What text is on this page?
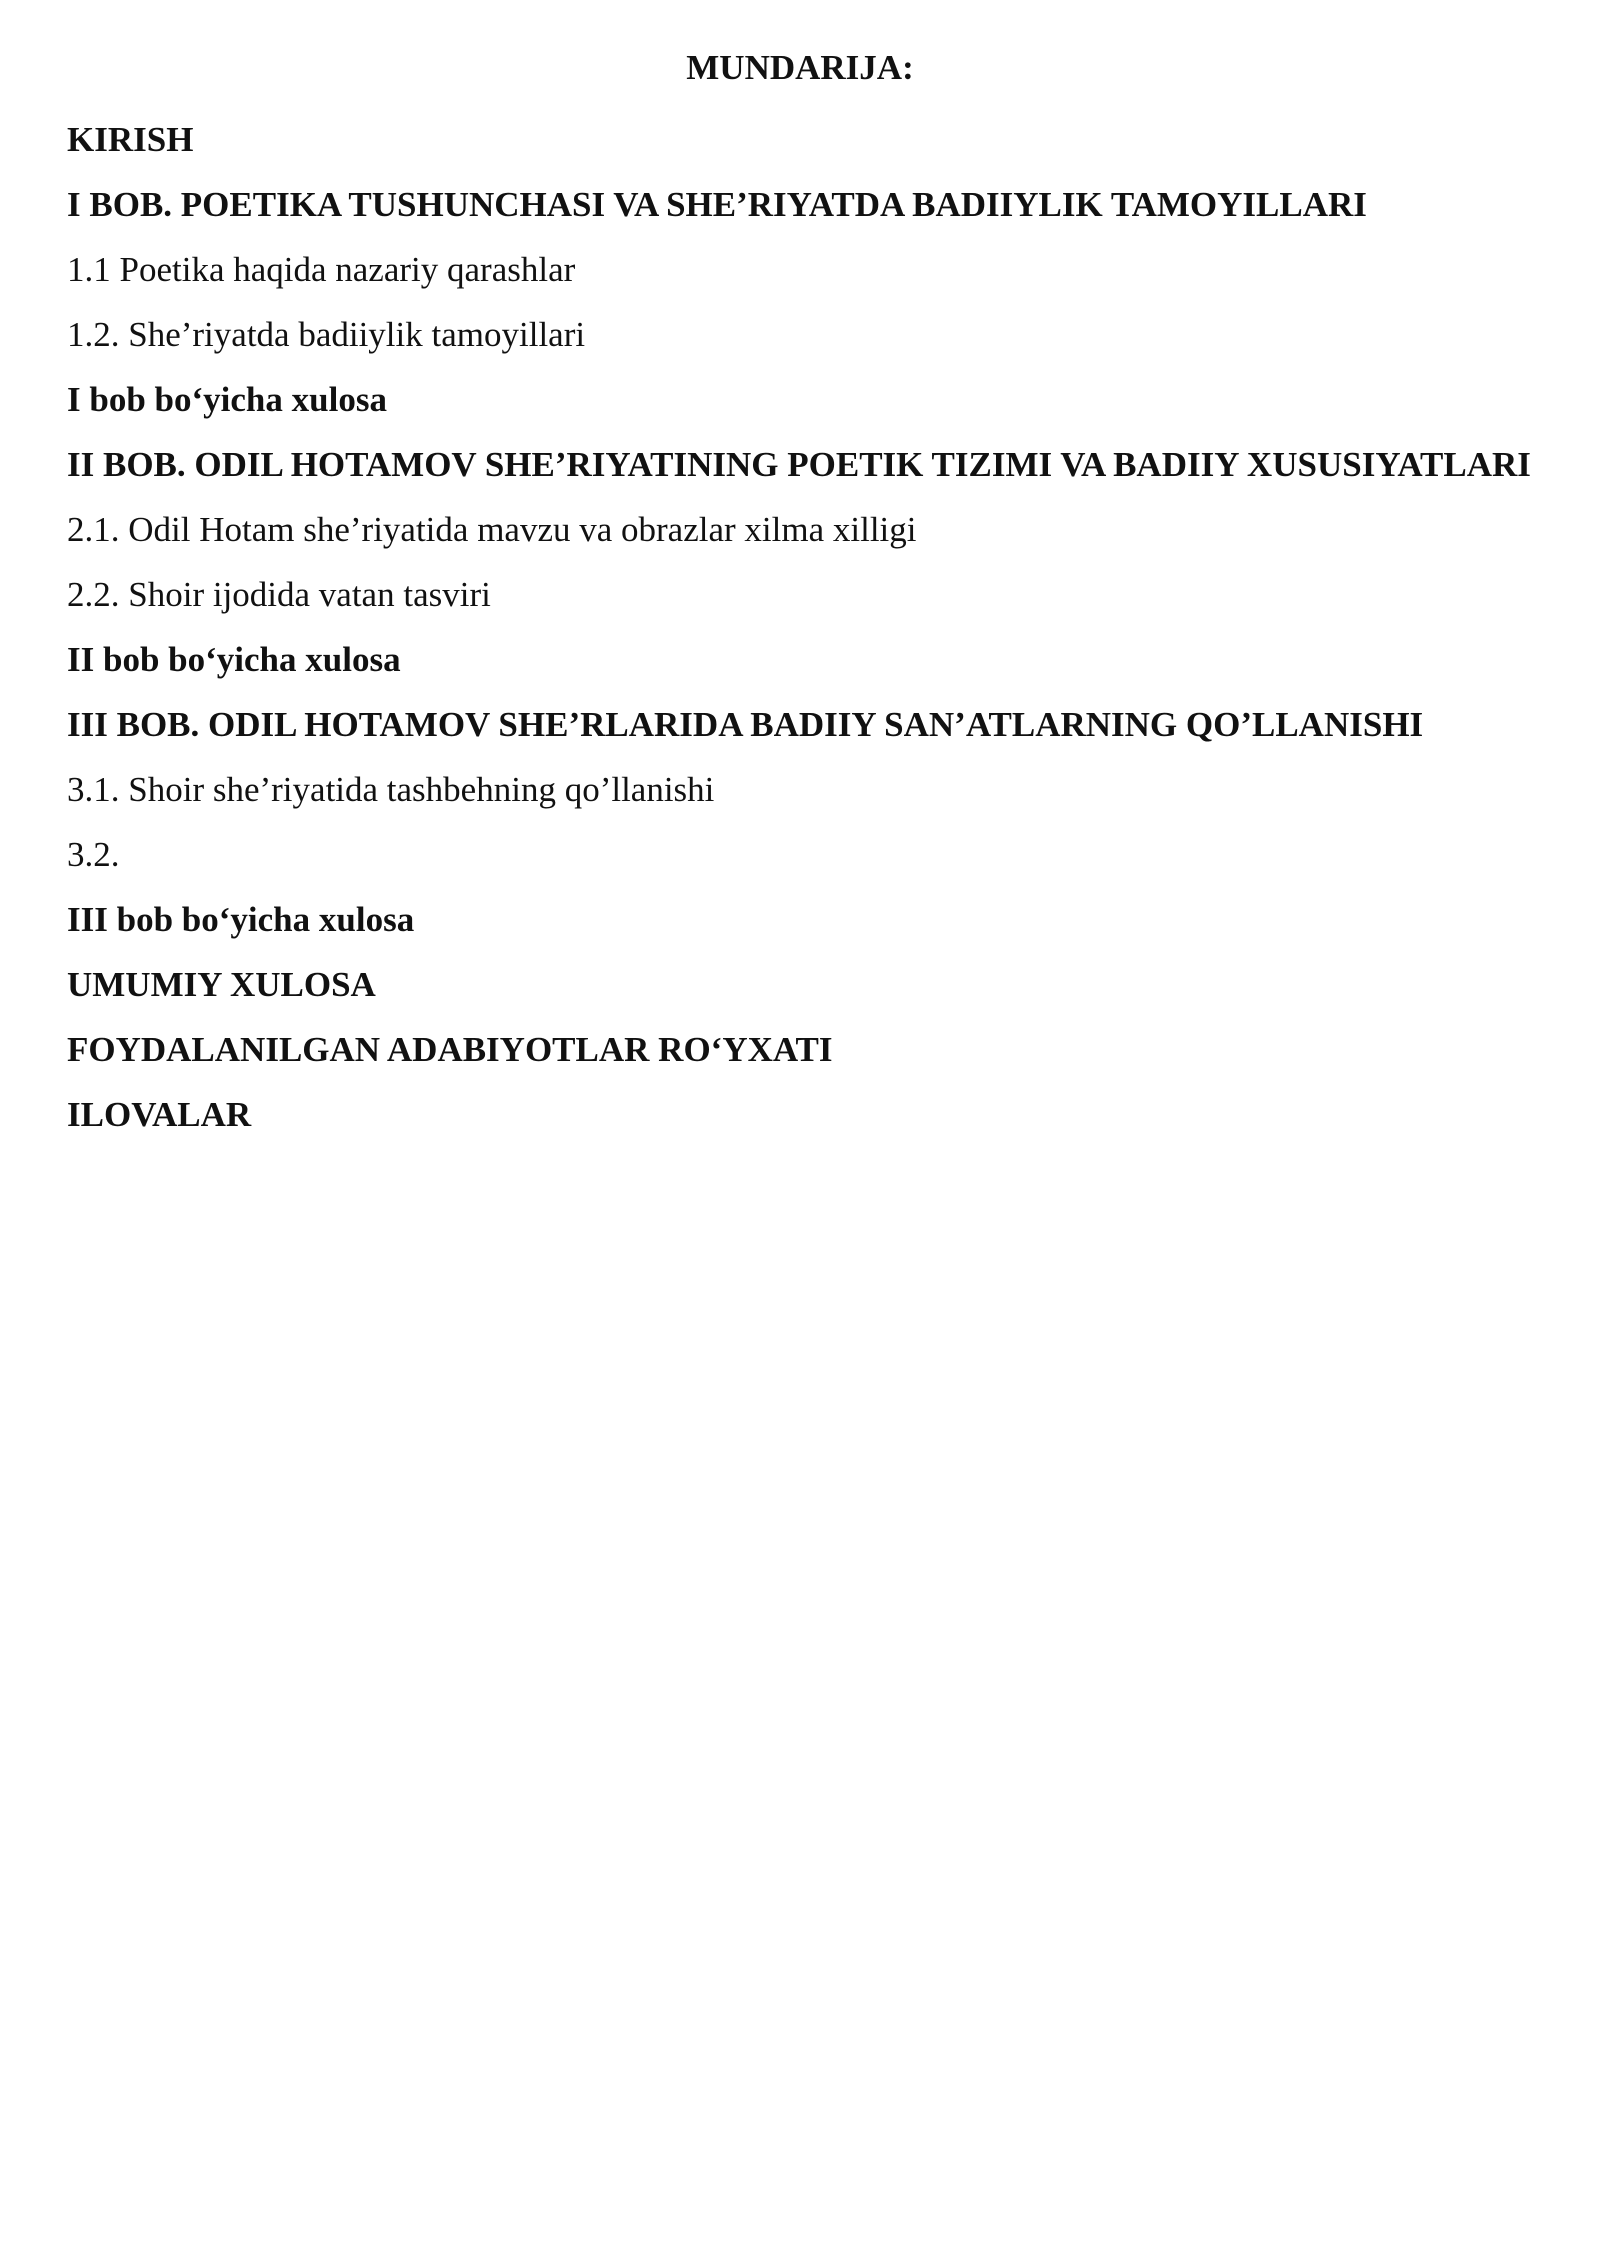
MUNDARIJA:
KIRISH
I BOB. POETIKA TUSHUNCHASI VA SHE’RIYATDA BADIIYLIK TAMOYILLARI
1.1 Poetika haqida nazariy qarashlar
1.2. She’riyatda badiiylik tamoyillari
I bob bo‘yicha xulosa
II BOB. ODIL HOTAMOV SHE’RIYATINING POETIK TIZIMI VA BADIIY XUSUSIYATLARI
2.1. Odil Hotam she’riyatida mavzu va obrazlar xilma xilligi
2.2. Shoir ijodida vatan tasviri
II bob bo‘yicha xulosa
III BOB. ODIL HOTAMOV SHE’RLARIDA BADIIY SAN’ATLARNING QO’LLANISHI
3.1. Shoir she’riyatida tashbehning qo’llanishi
3.2.
III bob bo‘yicha xulosa
UMUMIY XULOSA
FOYDALANILGAN ADABIYOTLAR RO‘YXATI
ILOVALAR
